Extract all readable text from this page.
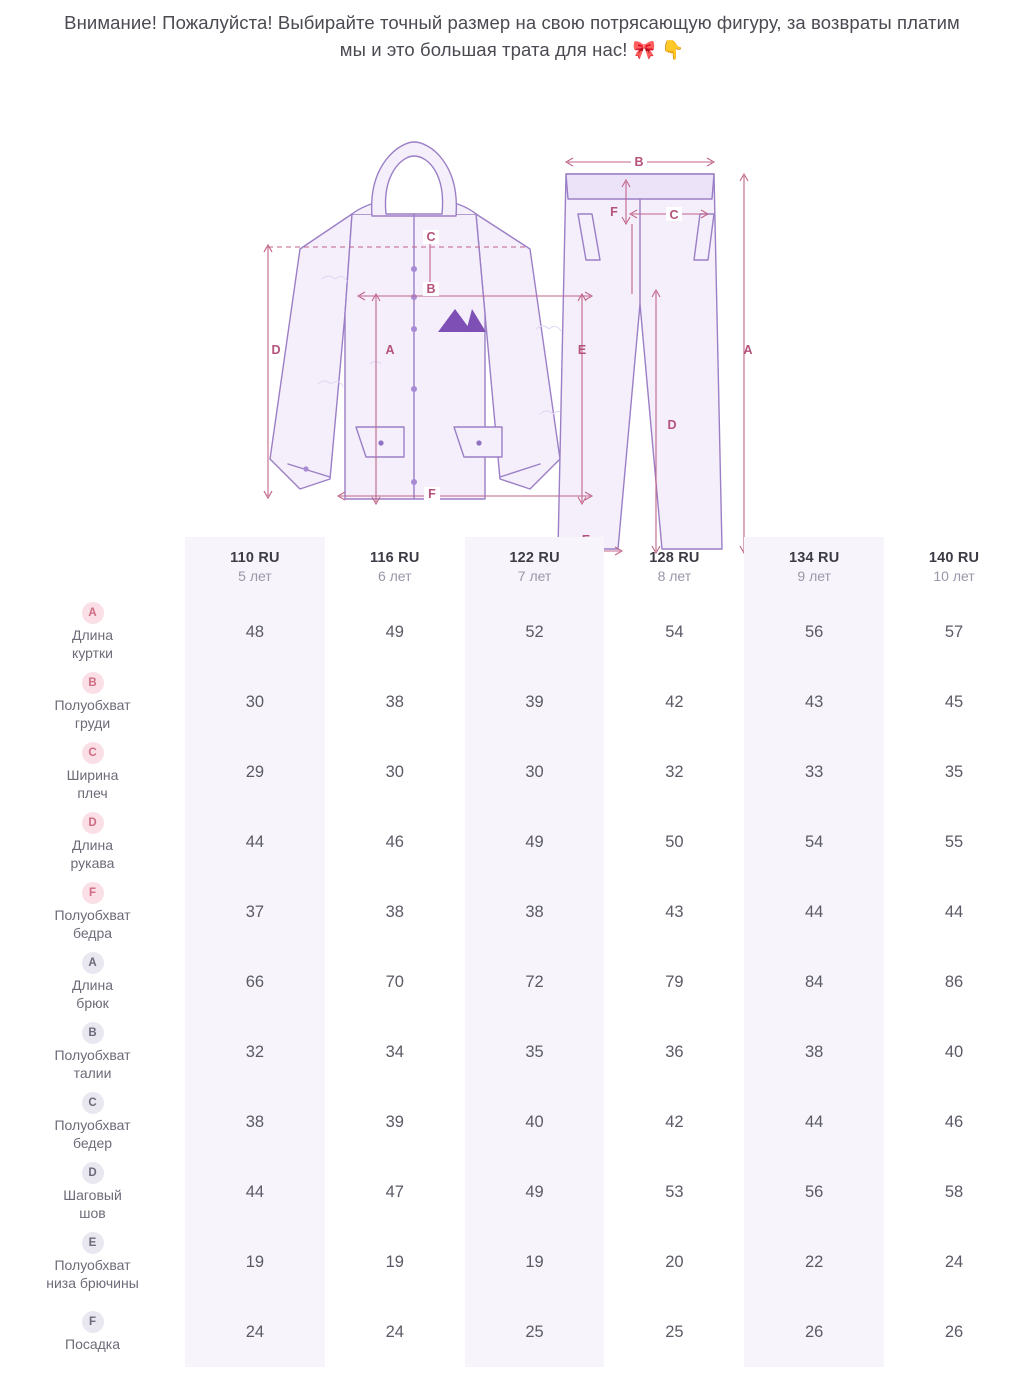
Внимание! Пожалуйста! Выбирайте точный размер на свою потрясающую фигуру, за возвраты платим мы и это большая трата для нас! 🎀 👇
C
B
A
D	E
F
B
F	C
A
D

110 RU
5 лет

116 RU
6 лет

122 RU
7 лет

128 RU
8 лет

134 RU
9 лет

140 RU
10 лет

A
Длина
куртки	48	49	52	54	56	57
B
Полуобхват
груди	30	38	39	42	43	45
C
Ширина
плеч	29	30	30	32	33	35
D
Длина
рукава	44	46	49	50	54	55
F
Полуобхват
бедра	37	38	38	43	44	44
A
Длина
брюк	66	70	72	79	84	86
B
Полуобхват
талии	32	34	35	36	38	40
C
Полуобхват
бедер	38	39	40	42	44	46
D
Шаговый
шов	44	47	49	53	56	58
E
Полуобхват
низа брючины	19	19	19	20	22	24
F
Посадка	24	24	25	25	26	26
